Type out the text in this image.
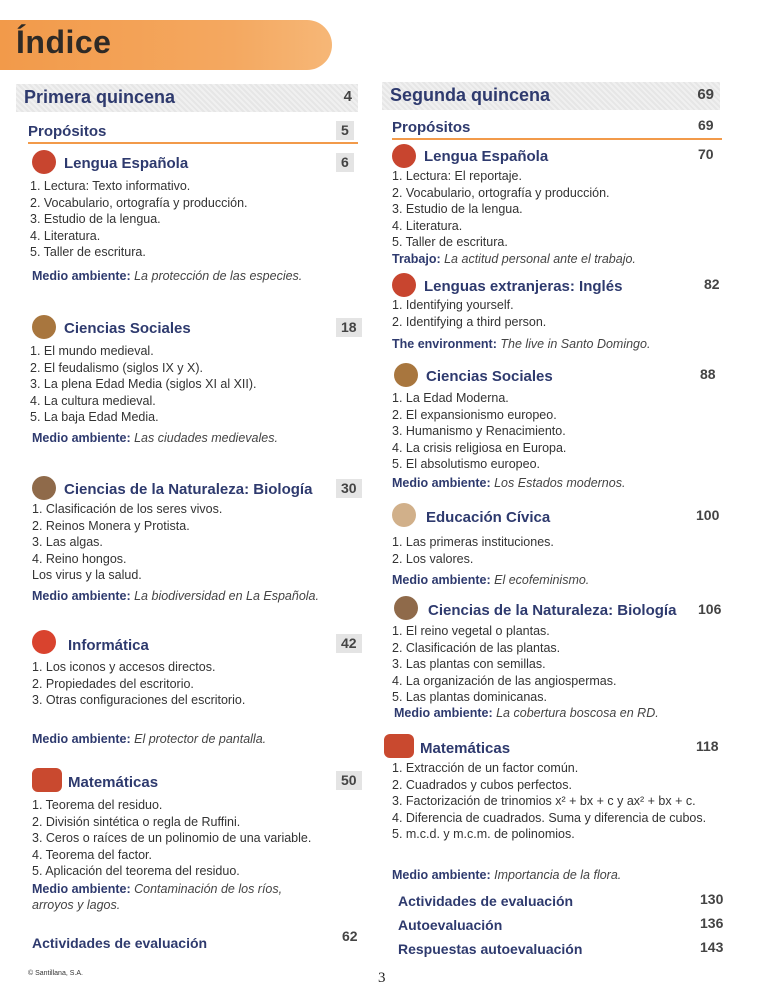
Índice
Primera quincena	4
Propósitos	5
Lengua Española	6
1. Lectura: Texto informativo.
2. Vocabulario, ortografía y producción.
3. Estudio de la lengua.
4. Literatura.
5. Taller de escritura.
Medio ambiente: La protección de las especies.
Ciencias Sociales	18
1. El mundo medieval.
2. El feudalismo (siglos IX y X).
3. La plena Edad Media (siglos XI al XII).
4. La cultura medieval.
5. La baja Edad Media.
Medio ambiente: Las ciudades medievales.
Ciencias de la Naturaleza: Biología	30
1. Clasificación de los seres vivos.
2. Reinos Monera y Protista.
3. Las algas.
4. Reino hongos.
Los virus y la salud.
Medio ambiente: La biodiversidad en La Española.
Informática	42
1. Los iconos y accesos directos.
2. Propiedades del escritorio.
3. Otras configuraciones del escritorio.
Medio ambiente: El protector de pantalla.
Matemáticas	50
1. Teorema del residuo.
2. División sintética o regla de Ruffini.
3. Ceros o raíces de un polinomio de una variable.
4. Teorema del factor.
5. Aplicación del teorema del residuo.
Medio ambiente: Contaminación de los ríos,
arroyos y lagos.
Actividades de evaluación	62
Segunda quincena	69
Propósitos	69
Lengua Española	70
1. Lectura: El reportaje.
2. Vocabulario, ortografía y producción.
3. Estudio de la lengua.
4. Literatura.
5. Taller de escritura.
Trabajo: La actitud personal ante el trabajo.
Lenguas extranjeras: Inglés	82
1. Identifying yourself.
2. Identifying a third person.
The environment: The live in Santo Domingo.
Ciencias Sociales	88
1. La Edad Moderna.
2. El expansionismo europeo.
3. Humanismo y Renacimiento.
4. La crisis religiosa en Europa.
5. El absolutismo europeo.
Medio ambiente: Los Estados modernos.
Educación Cívica	100
1. Las primeras instituciones.
2. Los valores.
Medio ambiente: El ecofeminismo.
Ciencias de la Naturaleza: Biología 106
1. El reino vegetal o plantas.
2. Clasificación de las plantas.
3. Las plantas con semillas.
4. La organización de las angiospermas.
5. Las plantas dominicanas.
Medio ambiente: La cobertura boscosa en RD.
Matemáticas	118
1. Extracción de un factor común.
2. Cuadrados y cubos perfectos.
3. Factorización de trinomios x² + bx + c y ax² + bx + c.
4. Diferencia de cuadrados. Suma y diferencia de cubos.
5. m.c.d. y m.c.m. de polinomios.
Medio ambiente: Importancia de la flora.
Actividades de evaluación	130
Autoevaluación	136
Respuestas autoevaluación	143
© Santillana, S.A.	3
